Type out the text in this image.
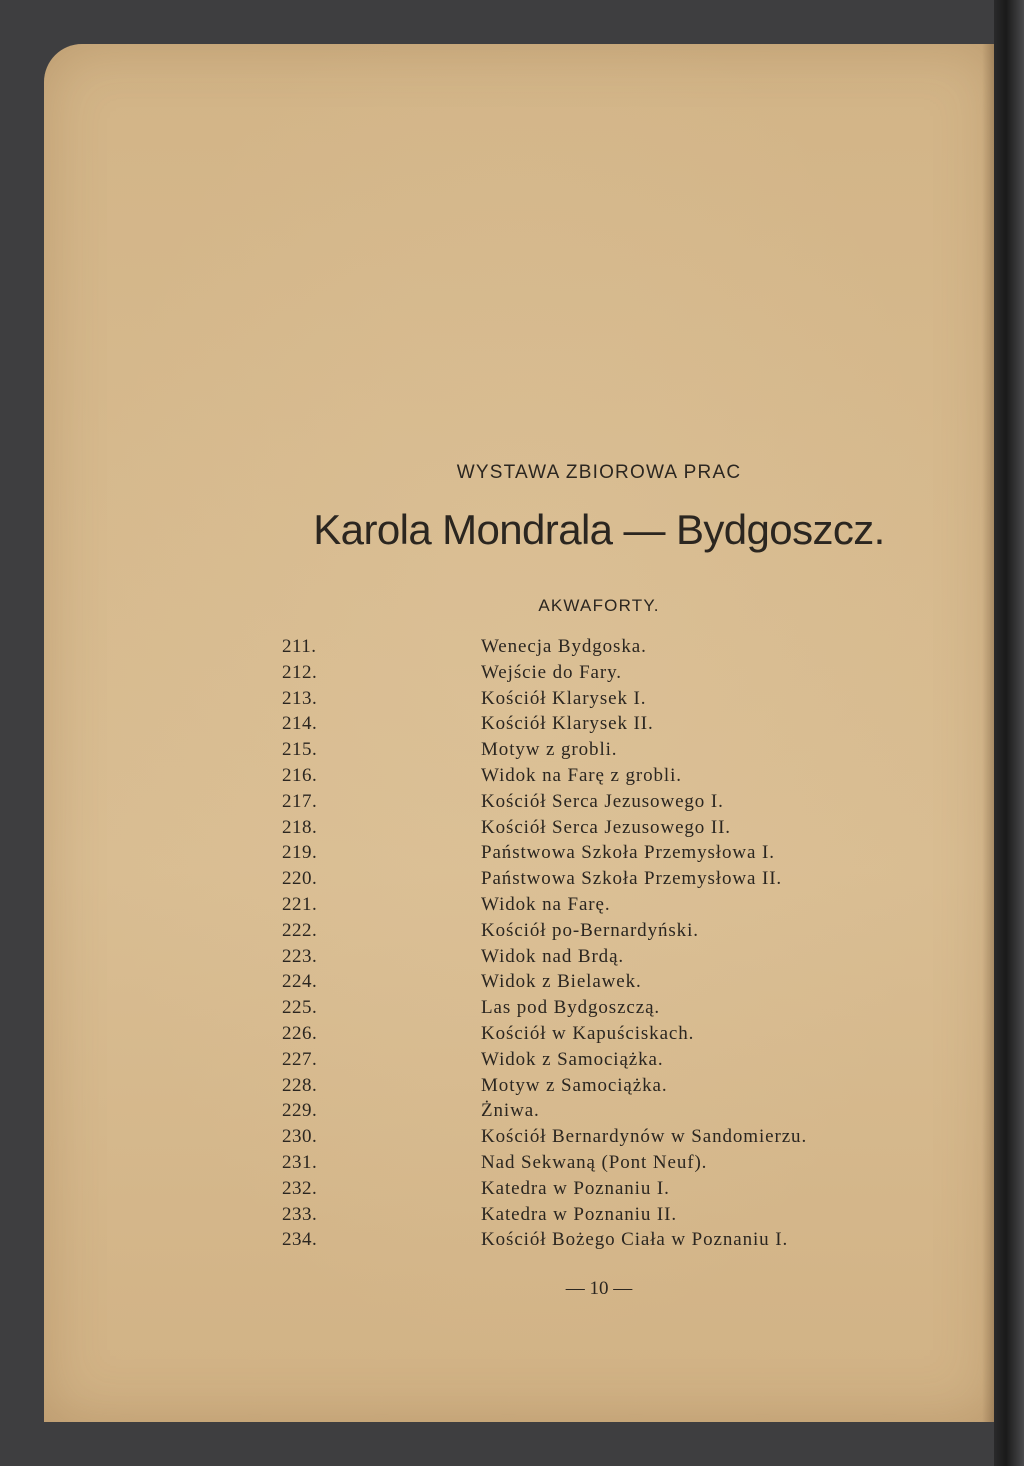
WYSTAWA ZBIOROWA PRAC
Karola Mondrala — Bydgoszcz.
AKWAFORTY.
211.	Wenecja Bydgoska.
212.	Wejście do Fary.
213.	Kościół Klarysek I.
214.	Kościół Klarysek II.
215.	Motyw z grobli.
216.	Widok na Farę z grobli.
217.	Kościół Serca Jezusowego I.
218.	Kościół Serca Jezusowego II.
219.	Państwowa Szkoła Przemysłowa I.
220.	Państwowa Szkoła Przemysłowa II.
221.	Widok na Farę.
222.	Kościół po-Bernardyński.
223.	Widok nad Brdą.
224.	Widok z Bielawek.
225.	Las pod Bydgoszczą.
226.	Kościół w Kapuściskach.
227.	Widok z Samociążka.
228.	Motyw z Samociążka.
229.	Żniwa.
230.	Kościół Bernardynów w Sandomierzu.
231.	Nad Sekwaną (Pont Neuf).
232.	Katedra w Poznaniu I.
233.	Katedra w Poznaniu II.
234.	Kościół Bożego Ciała w Poznaniu I.
— 10 —
